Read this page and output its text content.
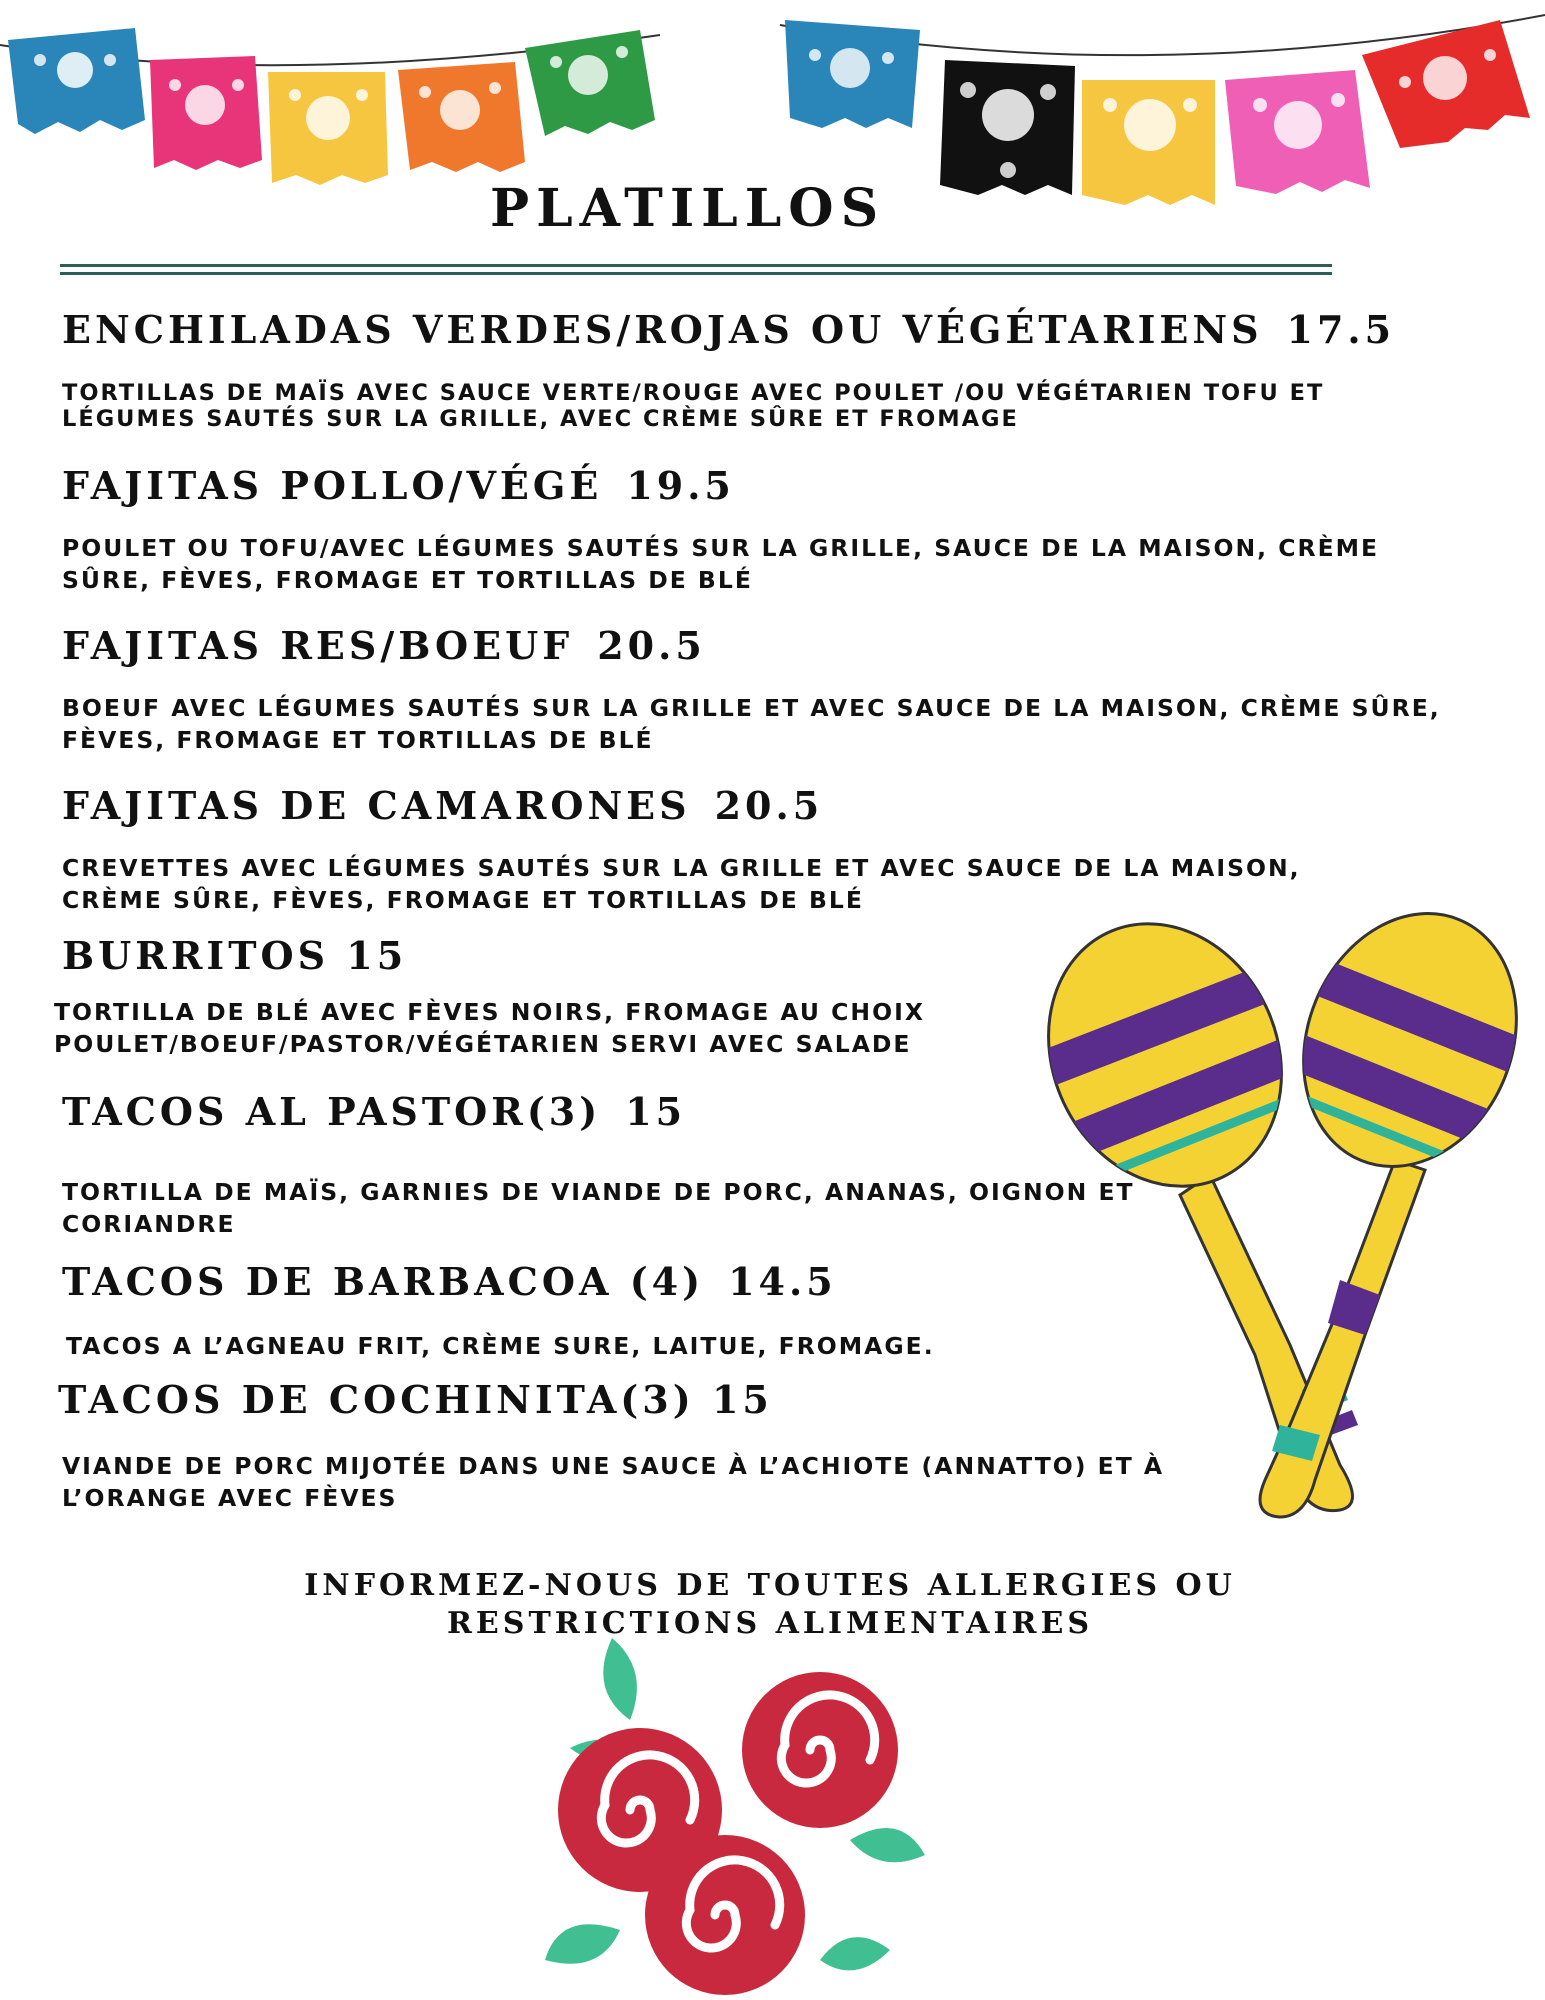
PLATILLOS

ENCHILADAS VERDES/ROJAS OU VÉGÉTARIENS 17.5

TORTILLAS DE MAÏS AVEC SAUCE VERTE/ROUGE AVEC POULET /OU VÉGÉTARIEN TOFU ET LÉGUMES SAUTÉS SUR LA GRILLE, AVEC CRÈME SÛRE ET FROMAGE

FAJITAS POLLO/VÉGÉ 19.5

POULET OU TOFU/AVEC LÉGUMES SAUTÉS SUR LA GRILLE, SAUCE DE LA MAISON, CRÈME SÛRE, FÈVES, FROMAGE ET TORTILLAS DE BLÉ

FAJITAS RES/BOEUF 20.5

BOEUF AVEC LÉGUMES SAUTÉS SUR LA GRILLE ET AVEC SAUCE DE LA MAISON, CRÈME SÛRE, FÈVES, FROMAGE ET TORTILLAS DE BLÉ

FAJITAS DE CAMARONES 20.5

CREVETTES AVEC LÉGUMES SAUTÉS SUR LA GRILLE ET AVEC SAUCE DE LA MAISON, CRÈME SÛRE, FÈVES, FROMAGE ET TORTILLAS DE BLÉ

BURRITOS 15

TORTILLA DE BLÉ AVEC FÈVES NOIRS, FROMAGE AU CHOIX POULET/BOEUF/PASTOR/VÉGÉTARIEN SERVI AVEC SALADE

TACOS AL PASTOR(3) 15

TORTILLA DE MAÏS, GARNIES DE VIANDE DE PORC, ANANAS, OIGNON ET CORIANDRE

TACOS DE BARBACOA (4) 14.5

TACOS A L’AGNEAU FRIT, CRÈME SURE, LAITUE, FROMAGE.

TACOS DE COCHINITA(3) 15

VIANDE DE PORC MIJOTÉE DANS UNE SAUCE À L’ACHIOTE (ANNATTO) ET À L’ORANGE AVEC FÈVES

INFORMEZ-NOUS DE TOUTES ALLERGIES OU RESTRICTIONS ALIMENTAIRES
